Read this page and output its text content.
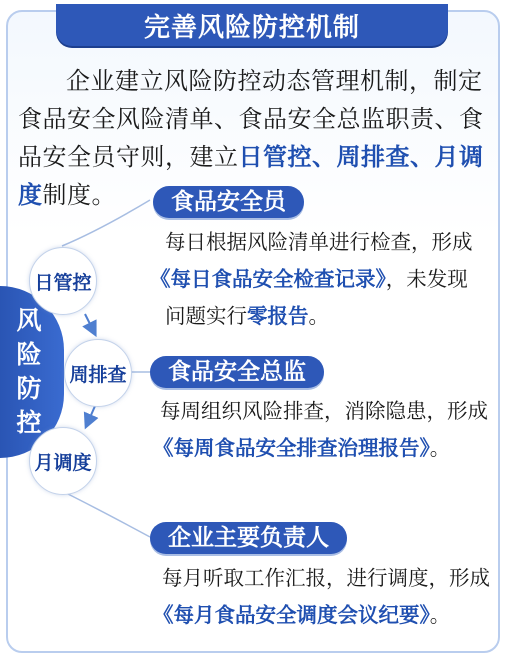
完善风险防控机制
企业建立风险防控动态管理机制，制定食品安全风险清单、食品安全总监职责、食品安全员守则，建立日管控、周排查、月调度制度。
风
险
防
控
日管控
周排查
月调度
食品安全员
每日根据风险清单进行检查，形成
《每日食品安全检查记录》，未发现
问题实行零报告。
食品安全总监
每周组织风险排查，消除隐患，形成
《每周食品安全排查治理报告》。
企业主要负责人
每月听取工作汇报，进行调度，形成
《每月食品安全调度会议纪要》。
